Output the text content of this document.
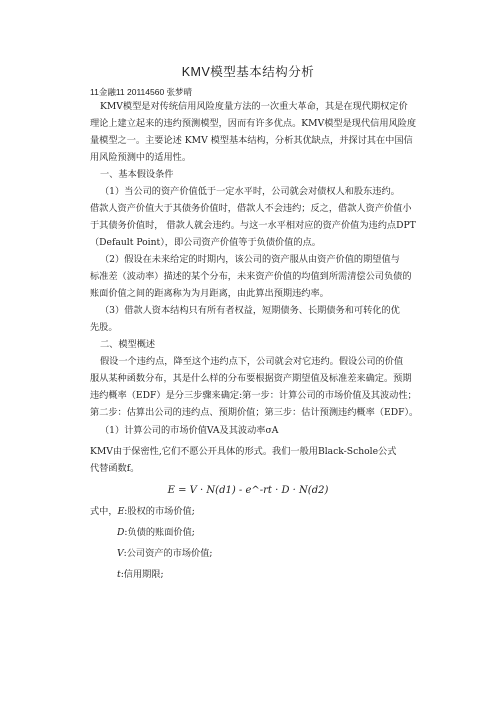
KMV模型基本结构分析
11金融11 20114560 张梦晴
KMV模型是对传统信用风险度量方法的一次重大革命，其是在现代期权定价
理论上建立起来的违约预测模型，因而有许多优点。KMV模型是现代信用风险度
量模型之一。主要论述 KMV 模型基本结构，分析其优缺点，并探讨其在中国信
用风险预测中的适用性。
一、基本假设条件
（1）当公司的资产价值低于一定水平时，公司就会对债权人和股东违约。
借款人资产价值大于其债务价值时，借款人不会违约；反之，借款人资产价值小
于其债务价值时， 借款人就会违约。与这一水平相对应的资产价值为违约点DPT
（Default Point），即公司资产价值等于负债价值的点。
（2）假设在未来给定的时期内，该公司的资产服从由资产价值的期望值与
标准差（波动率）描述的某个分布，未来资产价值的均值到所需清偿公司负债的
账面价值之间的距离称为为月距离，由此算出预期违约率。
（3）借款人资本结构只有所有者权益，短期债务、长期债务和可转化的优
先股。
二、模型概述
假设一个违约点，降至这个违约点下，公司就会对它违约。假设公司的价值
服从某种函数分布，其是什么样的分布要根据资产期望值及标准差来确定。预期
违约概率（EDF）是分三步骤来确定:第一步：计算公司的市场价值及其波动性；
第二步：估算出公司的违约点、预期价值；第三步：估计预测违约概率（EDF）。
（1）计算公司的市场价值VA及其波动率σA
KMV由于保密性,它们不愿公开具体的形式。我们一般用Black-Schole公式
代替函数f。
E = V · N(d1) - e^-rt · D · N(d2)
式中，E:股权的市场价值;
D:负债的账面价值;
V:公司资产的市场价值;
t:信用期限;
